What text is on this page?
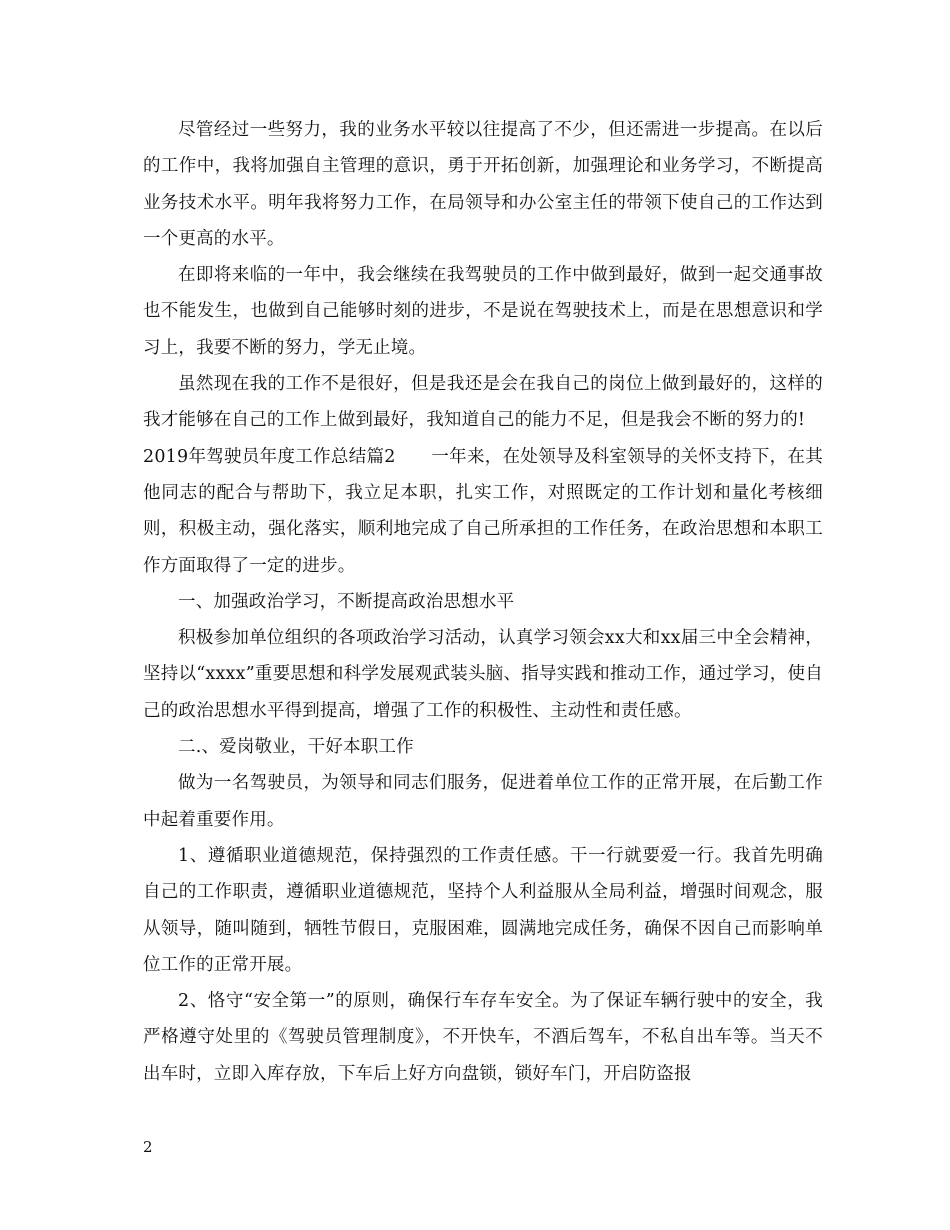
尽管经过一些努力，我的业务水平较以往提高了不少，但还需进一步提高。在以后的工作中，我将加强自主管理的意识，勇于开拓创新，加强理论和业务学习，不断提高业务技术水平。明年我将努力工作，在局领导和办公室主任的带领下使自己的工作达到一个更高的水平。

在即将来临的一年中，我会继续在我驾驶员的工作中做到最好，做到一起交通事故也不能发生，也做到自己能够时刻的进步，不是说在驾驶技术上，而是在思想意识和学习上，我要不断的努力，学无止境。

虽然现在我的工作不是很好，但是我还是会在我自己的岗位上做到最好的，这样的我才能够在自己的工作上做到最好，我知道自己的能力不足，但是我会不断的努力的!

2019年驾驶员年度工作总结篇2　　一年来，在处领导及科室领导的关怀支持下，在其他同志的配合与帮助下，我立足本职，扎实工作，对照既定的工作计划和量化考核细则，积极主动，强化落实，顺利地完成了自己所承担的工作任务，在政治思想和本职工作方面取得了一定的进步。

一、加强政治学习，不断提高政治思想水平

积极参加单位组织的各项政治学习活动，认真学习领会xx大和xx届三中全会精神，坚持以“xxxx”重要思想和科学发展观武装头脑、指导实践和推动工作，通过学习，使自己的政治思想水平得到提高，增强了工作的积极性、主动性和责任感。

二.、爱岗敬业，干好本职工作

做为一名驾驶员，为领导和同志们服务，促进着单位工作的正常开展，在后勤工作中起着重要作用。

1、遵循职业道德规范，保持强烈的工作责任感。干一行就要爱一行。我首先明确自己的工作职责，遵循职业道德规范，坚持个人利益服从全局利益，增强时间观念，服从领导，随叫随到，牺牲节假日，克服困难，圆满地完成任务，确保不因自己而影响单位工作的正常开展。

2、恪守“安全第一”的原则，确保行车存车安全。为了保证车辆行驶中的安全，我严格遵守处里的《驾驶员管理制度》，不开快车，不酒后驾车，不私自出车等。当天不出车时，立即入库存放，下车后上好方向盘锁，锁好车门，开启防盗报

2
